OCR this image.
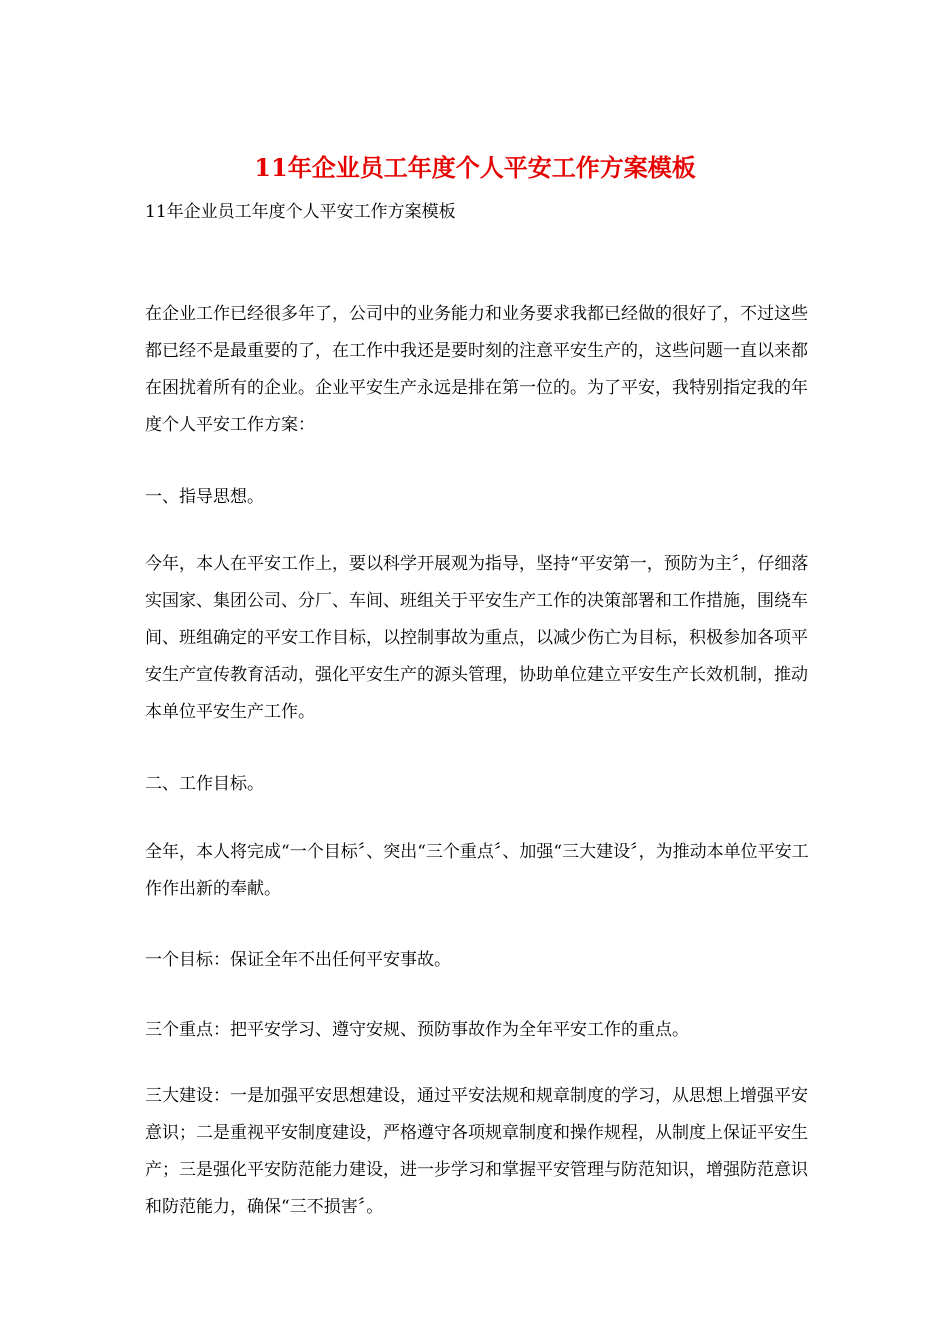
11年企业员工年度个人平安工作方案模板
11年企业员工年度个人平安工作方案模板

在企业工作已经很多年了，公司中的业务能力和业务要求我都已经做的很好了，不过这些都已经不是最重要的了，在工作中我还是要时刻的注意平安生产的，这些问题一直以来都在困扰着所有的企业。企业平安生产永远是排在第一位的。为了平安，我特别指定我的年度个人平安工作方案：

一、指导思想。

今年，本人在平安工作上，要以科学开展观为指导，坚持“平安第一，预防为主〞，仔细落实国家、集团公司、分厂、车间、班组关于平安生产工作的决策部署和工作措施，围绕车间、班组确定的平安工作目标，以控制事故为重点，以减少伤亡为目标，积极参加各项平安生产宣传教育活动，强化平安生产的源头管理，协助单位建立平安生产长效机制，推动本单位平安生产工作。

二、工作目标。

全年，本人将完成“一个目标〞、突出“三个重点〞、加强“三大建设〞，为推动本单位平安工作作出新的奉献。

一个目标：保证全年不出任何平安事故。

三个重点：把平安学习、遵守安规、预防事故作为全年平安工作的重点。

三大建设：一是加强平安思想建设，通过平安法规和规章制度的学习，从思想上增强平安意识；二是重视平安制度建设，严格遵守各项规章制度和操作规程，从制度上保证平安生产；三是强化平安防范能力建设，进一步学习和掌握平安管理与防范知识，增强防范意识和防范能力，确保“三不损害〞。
